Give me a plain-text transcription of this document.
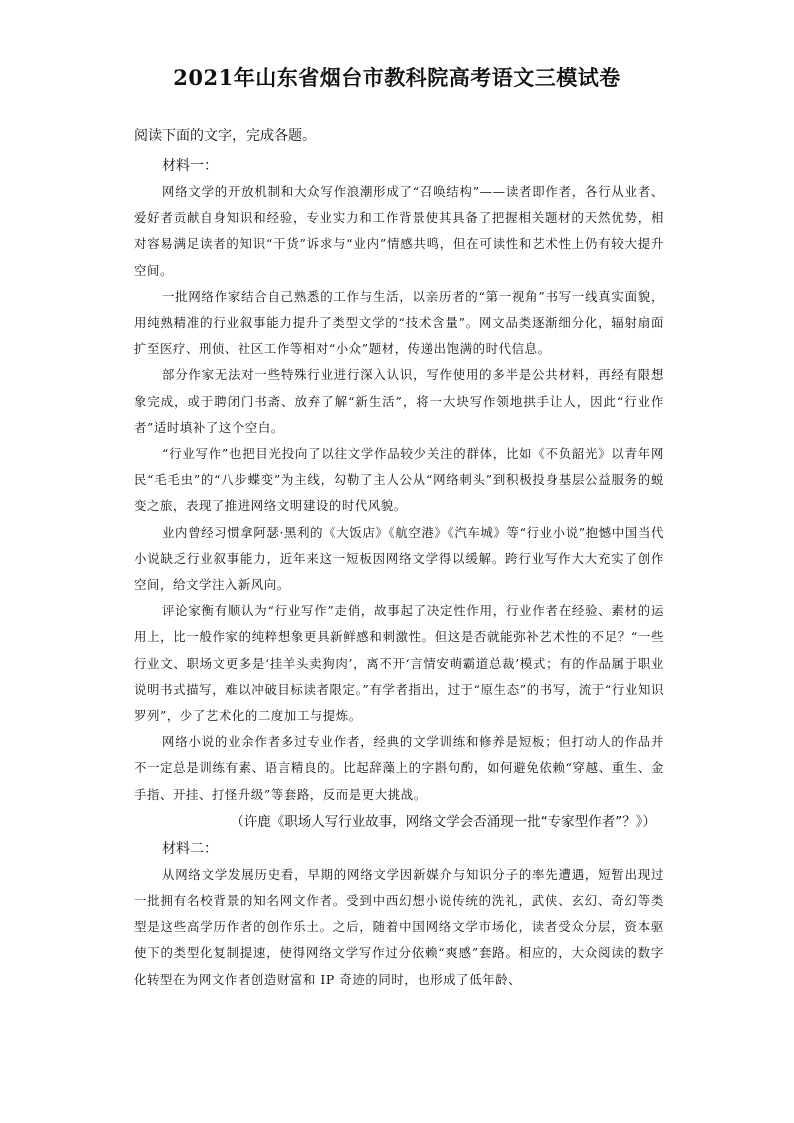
2021年山东省烟台市教科院高考语文三模试卷
阅读下面的文字，完成各题。
材料一：

网络文学的开放机制和大众写作浪潮形成了“召唤结构”——读者即作者，各行从业者、爱好者贡献自身知识和经验，专业实力和工作背景使其具备了把握相关题材的天然优势，相对容易满足读者的知识“干货”诉求与“业内”情感共鸣，但在可读性和艺术性上仍有较大提升空间。

一批网络作家结合自己熟悉的工作与生活，以亲历者的“第一视角”书写一线真实面貌，用纯熟精准的行业叙事能力提升了类型文学的“技术含量”。网文品类逐渐细分化，辐射扇面扩至医疗、刑侦、社区工作等相对“小众”题材，传递出饱满的时代信息。

部分作家无法对一些特殊行业进行深入认识，写作使用的多半是公共材料，再经有限想象完成，或于聘闭门书斋、放弃了解“新生活”，将一大块写作领地拱手让人，因此“行业作者”适时填补了这个空白。

“行业写作”也把目光投向了以往文学作品较少关注的群体，比如《不负韶光》以青年网民“毛毛虫”的“八步蝶变”为主线，勾勒了主人公从“网络刺头”到积极投身基层公益服务的蜕变之旅，表现了推进网络文明建设的时代风貌。

业内曾经习惯拿阿瑟·黑利的《大饭店》《航空港》《汽车城》等“行业小说”抱憾中国当代小说缺乏行业叙事能力，近年来这一短板因网络文学得以缓解。跨行业写作大大充实了创作空间，给文学注入新风向。

评论家衡有顺认为“行业写作”走俏，故事起了决定性作用，行业作者在经验、素材的运用上，比一般作家的纯粹想象更具新鲜感和刺激性。但这是否就能弥补艺术性的不足？“一些行业文、职场文更多是‘挂羊头卖狗肉’，离不开‘言情安萌霸道总裁’模式；有的作品属于职业说明书式描写，难以冲破目标读者限定。”有学者指出，过于“原生态”的书写，流于“行业知识罗列”，少了艺术化的二度加工与提炼。

网络小说的业余作者多过专业作者，经典的文学训练和修养是短板；但打动人的作品并不一定总是训练有素、语言精良的。比起辞藻上的字斟句酌，如何避免依赖“穿越、重生、金手指、开挂、打怪升级”等套路，反而是更大挑战。

（许鹿《职场人写行业故事，网络文学会否涌现一批“专家型作者”？》）
材料二：

从网络文学发展历史看，早期的网络文学因新媒介与知识分子的率先遭遇，短暂出现过一批拥有名校背景的知名网文作者。受到中西幻想小说传统的洗礼，武侠、玄幻、奇幻等类型是这些高学历作者的创作乐土。之后，随着中国网络文学市场化，读者受众分层，资本驱使下的类型化复制提速，使得网络文学写作过分依赖“爽感”套路。相应的，大众阅读的数字化转型在为网文作者创造财富和 IP 奇迹的同时，也形成了低年龄、
